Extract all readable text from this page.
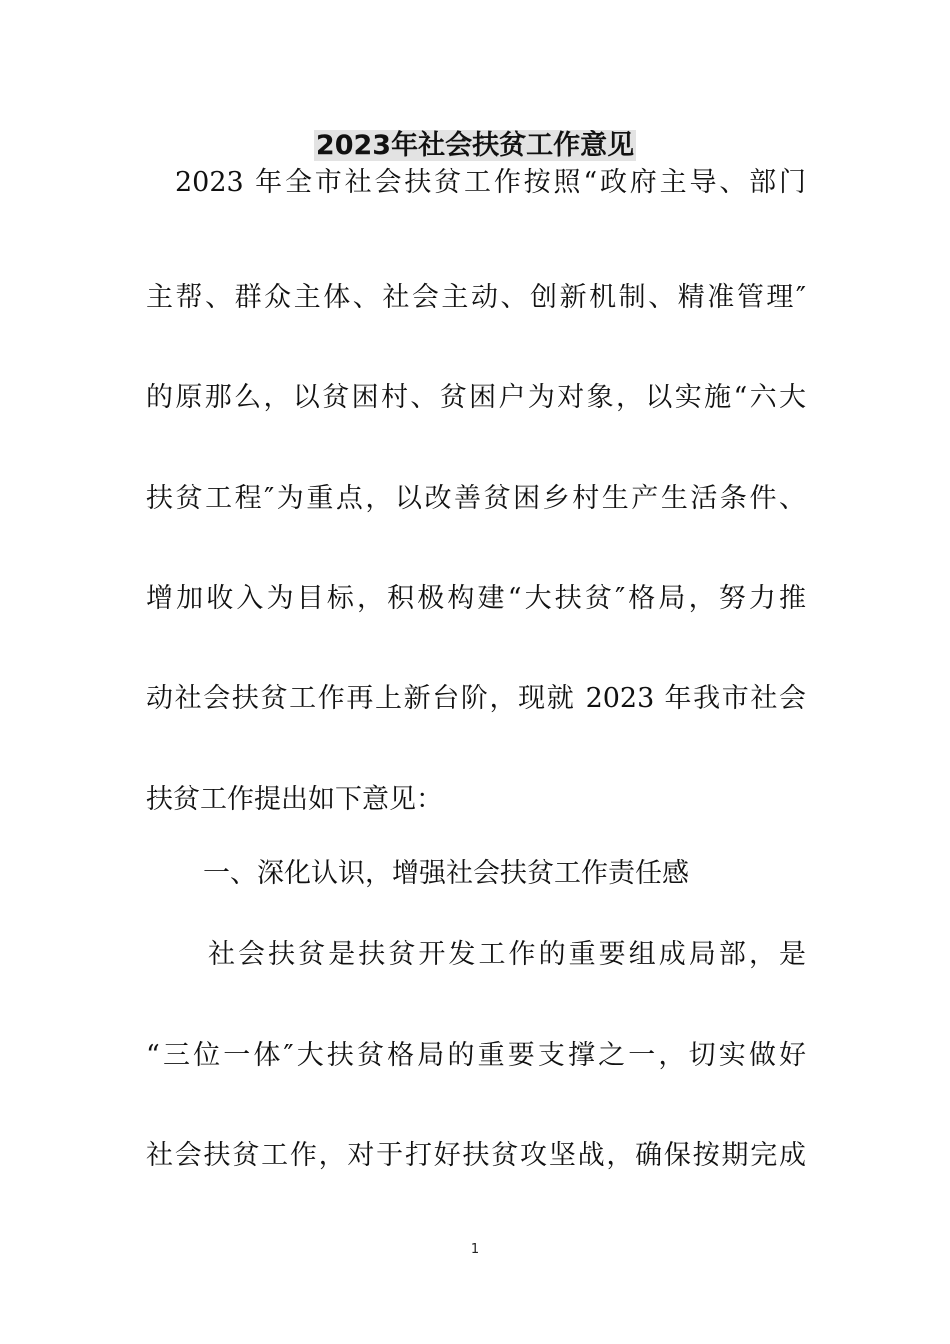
2023年社会扶贫工作意见
2023 年全市社会扶贫工作按照“政府主导、部门
主帮、群众主体、社会主动、创新机制、精准管理″
的原那么，以贫困村、贫困户为对象，以实施“六大
扶贫工程″为重点，以改善贫困乡村生产生活条件、
增加收入为目标，积极构建“大扶贫″格局，努力推
动社会扶贫工作再上新台阶，现就 2023 年我市社会
扶贫工作提出如下意见：
一、深化认识，增强社会扶贫工作责任感
社会扶贫是扶贫开发工作的重要组成局部，是
“三位一体″大扶贫格局的重要支撑之一，切实做好
社会扶贫工作，对于打好扶贫攻坚战，确保按期完成
1
